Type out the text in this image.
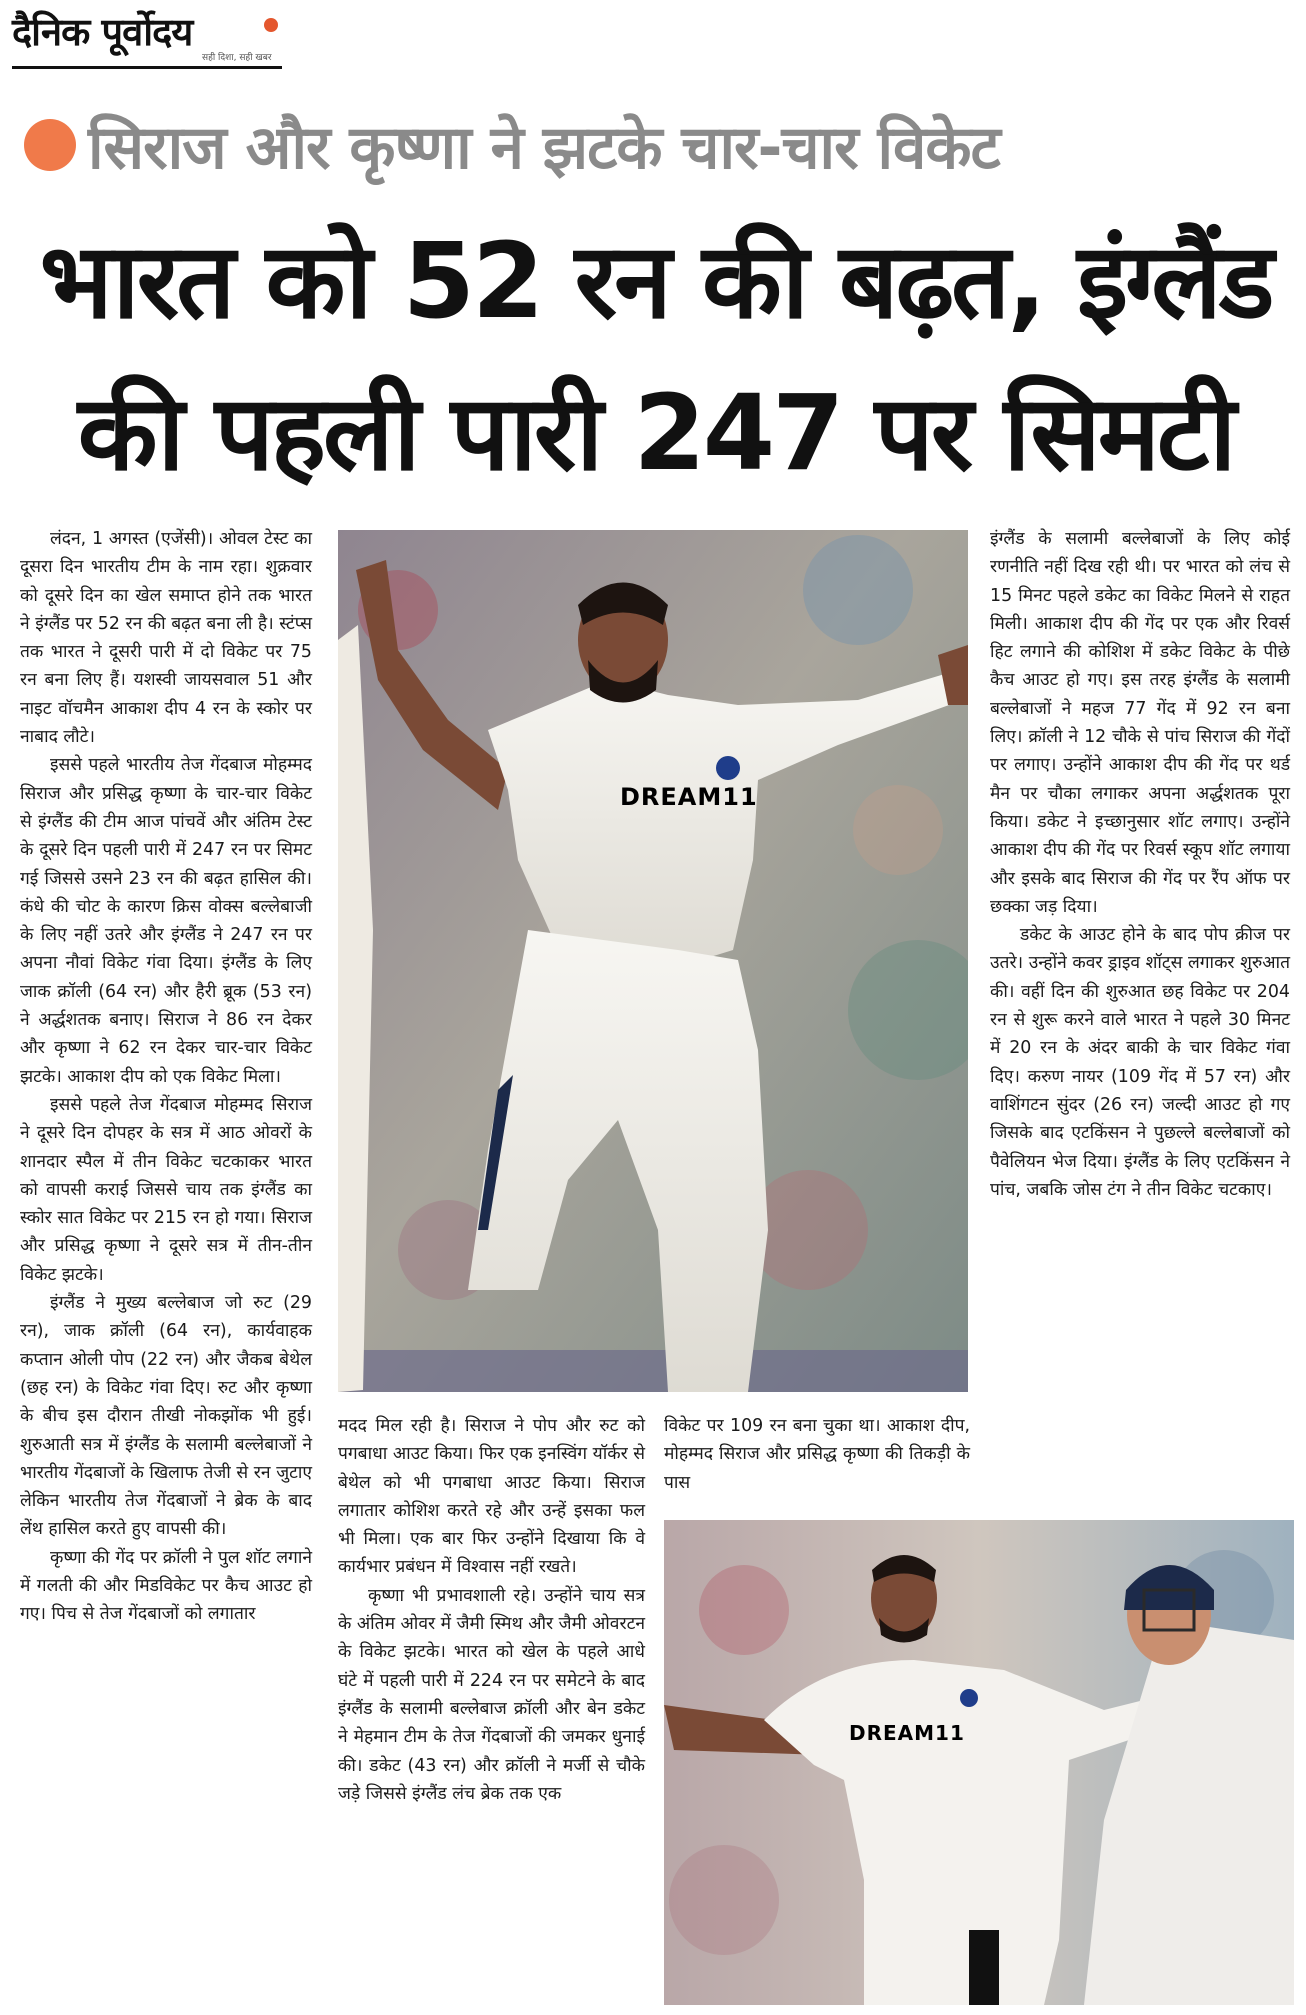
दैनिक पूर्वोदय
सही दिशा, सही खबर
सिराज और कृष्णा ने झटके चार-चार विकेट
भारत को 52 रन की बढ़त, इंग्लैंड
की पहली पारी 247 पर सिमटी

लंदन, 1 अगस्त (एजेंसी)। ओवल टेस्ट का दूसरा दिन भारतीय टीम के नाम रहा। शुक्रवार को दूसरे दिन का खेल समाप्त होने तक भारत ने इंग्लैंड पर 52 रन की बढ़त बना ली है। स्टंप्स तक भारत ने दूसरी पारी में दो विकेट पर 75 रन बना लिए हैं। यशस्वी जायसवाल 51 और नाइट वॉचमैन आकाश दीप 4 रन के स्कोर पर नाबाद लौटे।

इससे पहले भारतीय तेज गेंदबाज मोहम्मद सिराज और प्रसिद्ध कृष्णा के चार-चार विकेट से इंग्लैंड की टीम आज पांचवें और अंतिम टेस्ट के दूसरे दिन पहली पारी में 247 रन पर सिमट गई जिससे उसने 23 रन की बढ़त हासिल की। कंधे की चोट के कारण क्रिस वोक्स बल्लेबाजी के लिए नहीं उतरे और इंग्लैंड ने 247 रन पर अपना नौवां विकेट गंवा दिया। इंग्लैंड के लिए जाक क्रॉली (64 रन) और हैरी ब्रूक (53 रन) ने अर्द्धशतक बनाए। सिराज ने 86 रन देकर और कृष्णा ने 62 रन देकर चार-चार विकेट झटके। आकाश दीप को एक विकेट मिला।

इससे पहले तेज गेंदबाज मोहम्मद सिराज ने दूसरे दिन दोपहर के सत्र में आठ ओवरों के शानदार स्पैल में तीन विकेट चटकाकर भारत को वापसी कराई जिससे चाय तक इंग्लैंड का स्कोर सात विकेट पर 215 रन हो गया। सिराज और प्रसिद्ध कृष्णा ने दूसरे सत्र में तीन-तीन विकेट झटके।

इंग्लैंड ने मुख्य बल्लेबाज जो रुट (29 रन), जाक क्रॉली (64 रन), कार्यवाहक कप्तान ओली पोप (22 रन) और जैकब बेथेल (छह रन) के विकेट गंवा दिए। रुट और कृष्णा के बीच इस दौरान तीखी नोकझोंक भी हुई। शुरुआती सत्र में इंग्लैंड के सलामी बल्लेबाजों ने भारतीय गेंदबाजों के खिलाफ तेजी से रन जुटाए लेकिन भारतीय तेज गेंदबाजों ने ब्रेक के बाद लेंथ हासिल करते हुए वापसी की।

कृष्णा की गेंद पर क्रॉली ने पुल शॉट लगाने में गलती की और मिडविकेट पर कैच आउट हो गए। पिच से तेज गेंदबाजों को लगातार

DREAM11

मदद मिल रही है। सिराज ने पोप और रुट को पगबाधा आउट किया। फिर एक इनस्विंग यॉर्कर से बेथेल को भी पगबाधा आउट किया। सिराज लगातार कोशिश करते रहे और उन्हें इसका फल भी मिला। एक बार फिर उन्होंने दिखाया कि वे कार्यभार प्रबंधन में विश्वास नहीं रखते।

कृष्णा भी प्रभावशाली रहे। उन्होंने चाय सत्र के अंतिम ओवर में जैमी स्मिथ और जैमी ओवरटन के विकेट झटके। भारत को खेल के पहले आधे घंटे में पहली पारी में 224 रन पर समेटने के बाद इंग्लैंड के सलामी बल्लेबाज क्रॉली और बेन डकेट ने मेहमान टीम के तेज गेंदबाजों की जमकर धुनाई की। डकेट (43 रन) और क्रॉली ने मर्जी से चौके जड़े जिससे इंग्लैंड लंच ब्रेक तक एक

विकेट पर 109 रन बना चुका था। आकाश दीप, मोहम्मद सिराज और प्रसिद्ध कृष्णा की तिकड़ी के पास

DREAM11

इंग्लैंड के सलामी बल्लेबाजों के लिए कोई रणनीति नहीं दिख रही थी। पर भारत को लंच से 15 मिनट पहले डकेट का विकेट मिलने से राहत मिली। आकाश दीप की गेंद पर एक और रिवर्स हिट लगाने की कोशिश में डकेट विकेट के पीछे कैच आउट हो गए। इस तरह इंग्लैंड के सलामी बल्लेबाजों ने महज 77 गेंद में 92 रन बना लिए। क्रॉली ने 12 चौके से पांच सिराज की गेंदों पर लगाए। उन्होंने आकाश दीप की गेंद पर थर्ड मैन पर चौका लगाकर अपना अर्द्धशतक पूरा किया। डकेट ने इच्छानुसार शॉट लगाए। उन्होंने आकाश दीप की गेंद पर रिवर्स स्कूप शॉट लगाया और इसके बाद सिराज की गेंद पर रैंप ऑफ पर छक्का जड़ दिया।

डकेट के आउट होने के बाद पोप क्रीज पर उतरे। उन्होंने कवर ड्राइव शॉट्स लगाकर शुरुआत की। वहीं दिन की शुरुआत छह विकेट पर 204 रन से शुरू करने वाले भारत ने पहले 30 मिनट में 20 रन के अंदर बाकी के चार विकेट गंवा दिए। करुण नायर (109 गेंद में 57 रन) और वाशिंगटन सुंदर (26 रन) जल्दी आउट हो गए जिसके बाद एटकिंसन ने पुछल्ले बल्लेबाजों को पैवेलियन भेज दिया। इंग्लैंड के लिए एटकिंसन ने पांच, जबकि जोस टंग ने तीन विकेट चटकाए।
